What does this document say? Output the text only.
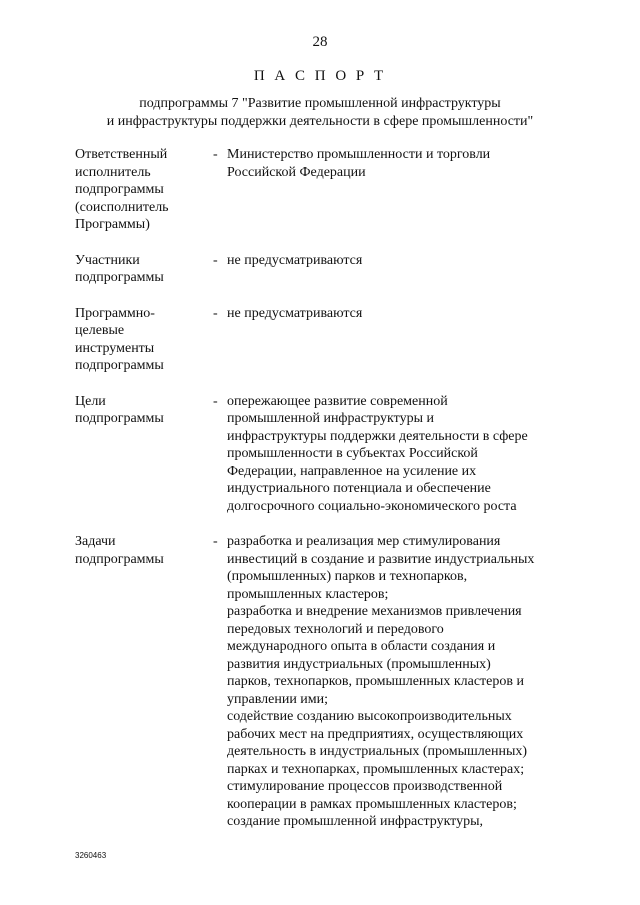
28
П А С П О Р Т
подпрограммы 7 "Развитие промышленной инфраструктуры
и инфраструктуры поддержки деятельности в сфере промышленности"
Ответственный
исполнитель
подпрограммы
(соисполнитель
Программы)
- Министерство промышленности и торговли
Российской Федерации
Участники
подпрограммы
- не предусматриваются
Программно-
целевые
инструменты
подпрограммы
- не предусматриваются
Цели
подпрограммы
- опережающее развитие современной
промышленной инфраструктуры и
инфраструктуры поддержки деятельности в сфере
промышленности в субъектах Российской
Федерации, направленное на усиление их
индустриального потенциала и обеспечение
долгосрочного социально-экономического роста
Задачи
подпрограммы
- разработка и реализация мер стимулирования
инвестиций в создание и развитие индустриальных
(промышленных) парков и технопарков,
промышленных кластеров;
разработка и внедрение механизмов привлечения
передовых технологий и передового
международного опыта в области создания и
развития индустриальных (промышленных)
парков, технопарков, промышленных кластеров и
управлении ими;
содействие созданию высокопроизводительных
рабочих мест на предприятиях, осуществляющих
деятельность в индустриальных (промышленных)
парках и технопарках, промышленных кластерах;
стимулирование процессов производственной
кооперации в рамках промышленных кластеров;
создание промышленной инфраструктуры,
3260463
